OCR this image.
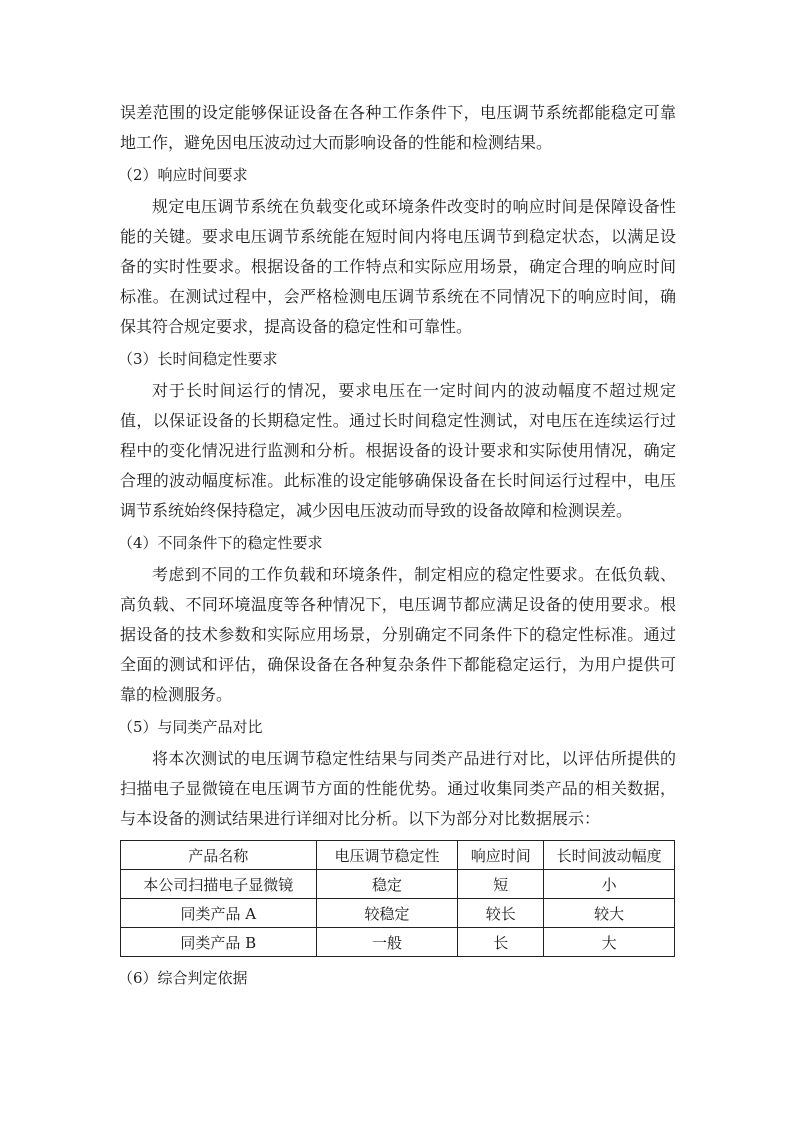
误差范围的设定能够保证设备在各种工作条件下，电压调节系统都能稳定可靠地工作，避免因电压波动过大而影响设备的性能和检测结果。

（2）响应时间要求

规定电压调节系统在负载变化或环境条件改变时的响应时间是保障设备性能的关键。要求电压调节系统能在短时间内将电压调节到稳定状态，以满足设备的实时性要求。根据设备的工作特点和实际应用场景，确定合理的响应时间标准。在测试过程中，会严格检测电压调节系统在不同情况下的响应时间，确保其符合规定要求，提高设备的稳定性和可靠性。

（3）长时间稳定性要求

对于长时间运行的情况，要求电压在一定时间内的波动幅度不超过规定值，以保证设备的长期稳定性。通过长时间稳定性测试，对电压在连续运行过程中的变化情况进行监测和分析。根据设备的设计要求和实际使用情况，确定合理的波动幅度标准。此标准的设定能够确保设备在长时间运行过程中，电压调节系统始终保持稳定，减少因电压波动而导致的设备故障和检测误差。

（4）不同条件下的稳定性要求

考虑到不同的工作负载和环境条件，制定相应的稳定性要求。在低负载、高负载、不同环境温度等各种情况下，电压调节都应满足设备的使用要求。根据设备的技术参数和实际应用场景，分别确定不同条件下的稳定性标准。通过全面的测试和评估，确保设备在各种复杂条件下都能稳定运行，为用户提供可靠的检测服务。

（5）与同类产品对比

将本次测试的电压调节稳定性结果与同类产品进行对比，以评估所提供的扫描电子显微镜在电压调节方面的性能优势。通过收集同类产品的相关数据，与本设备的测试结果进行详细对比分析。以下为部分对比数据展示：

产品名称	电压调节稳定性	响应时间	长时间波动幅度
本公司扫描电子显微镜	稳定	短	小
同类产品 A	较稳定	较长	较大
同类产品 B	一般	长	大

（6）综合判定依据
